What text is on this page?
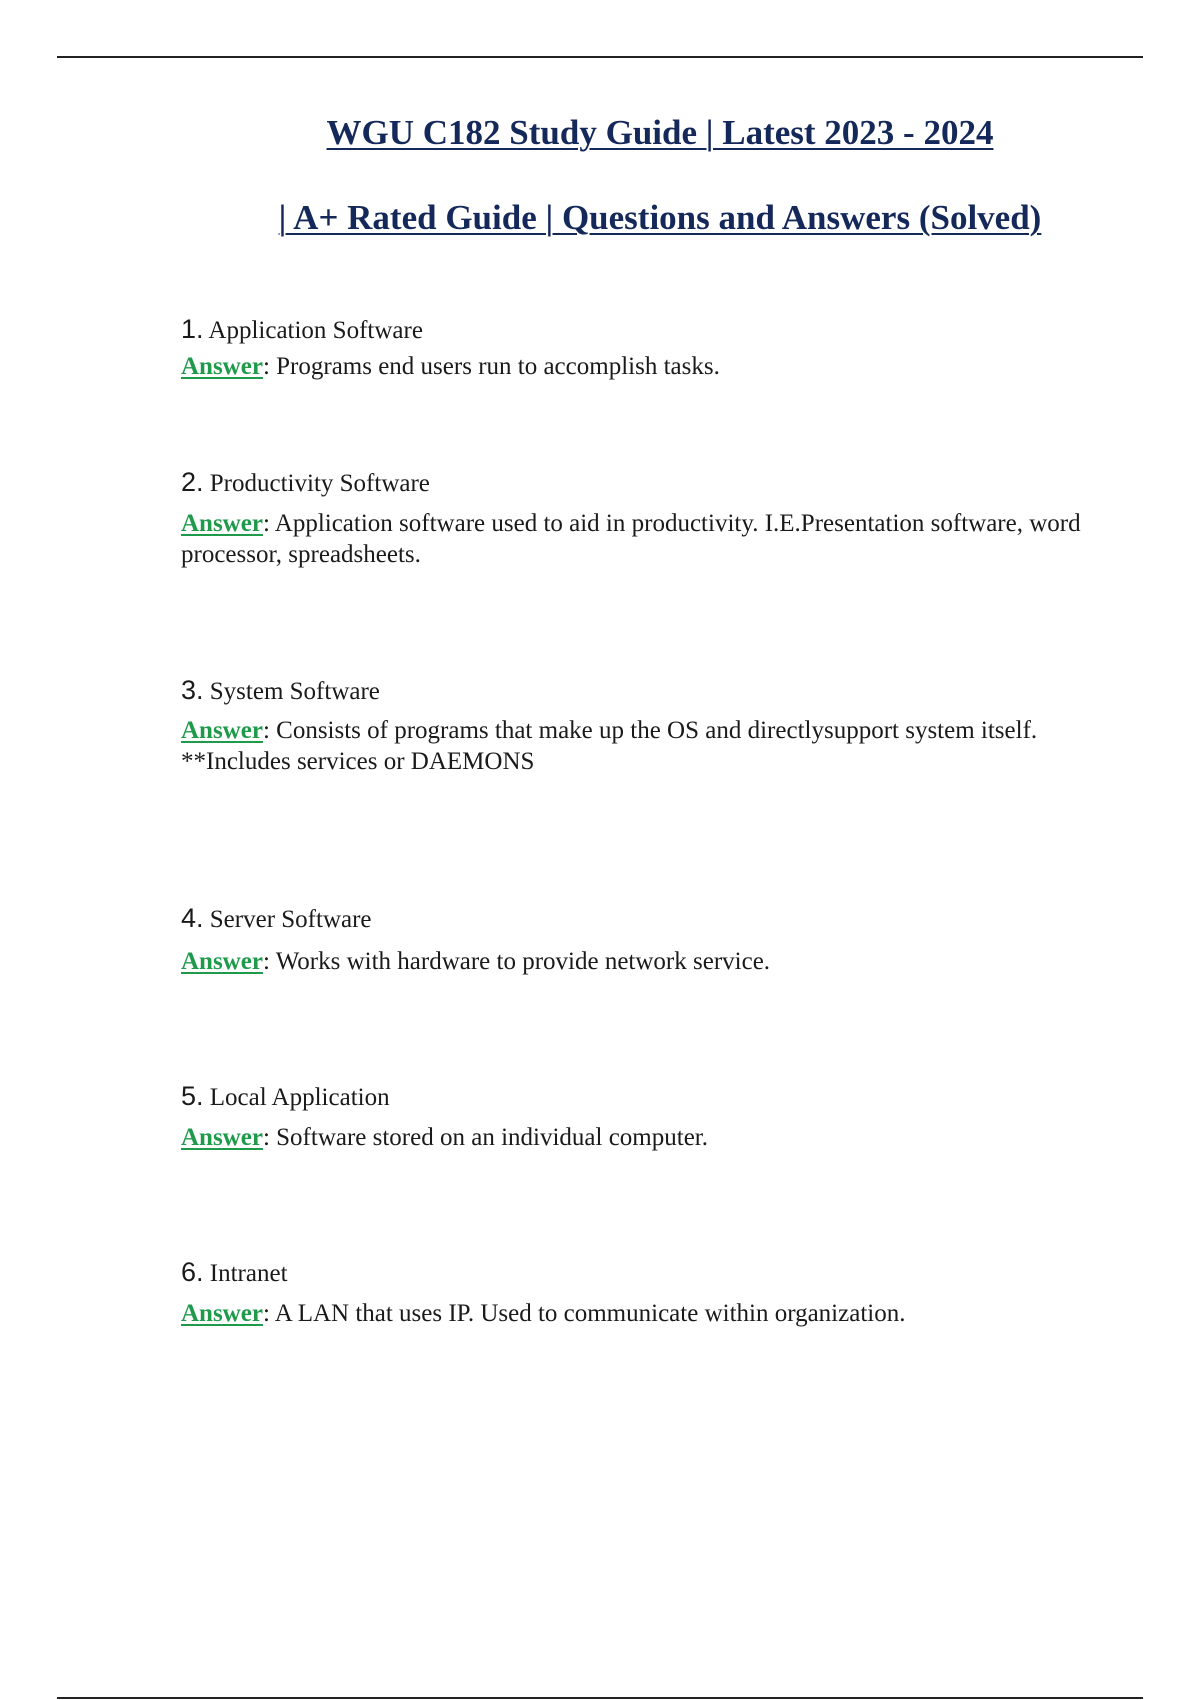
WGU C182 Study Guide | Latest 2023 - 2024
| A+ Rated Guide | Questions and Answers (Solved)
1. Application Software
Answer: Programs end users run to accomplish tasks.
2. Productivity Software
Answer: Application software used to aid in productivity. I.E.Presentation software, word processor, spreadsheets.
3. System Software
Answer: Consists of programs that make up the OS and directlysupport system itself.
**Includes services or DAEMONS
4. Server Software
Answer: Works with hardware to provide network service.
5. Local Application
Answer: Software stored on an individual computer.
6. Intranet
Answer: A LAN that uses IP. Used to communicate within organization.
